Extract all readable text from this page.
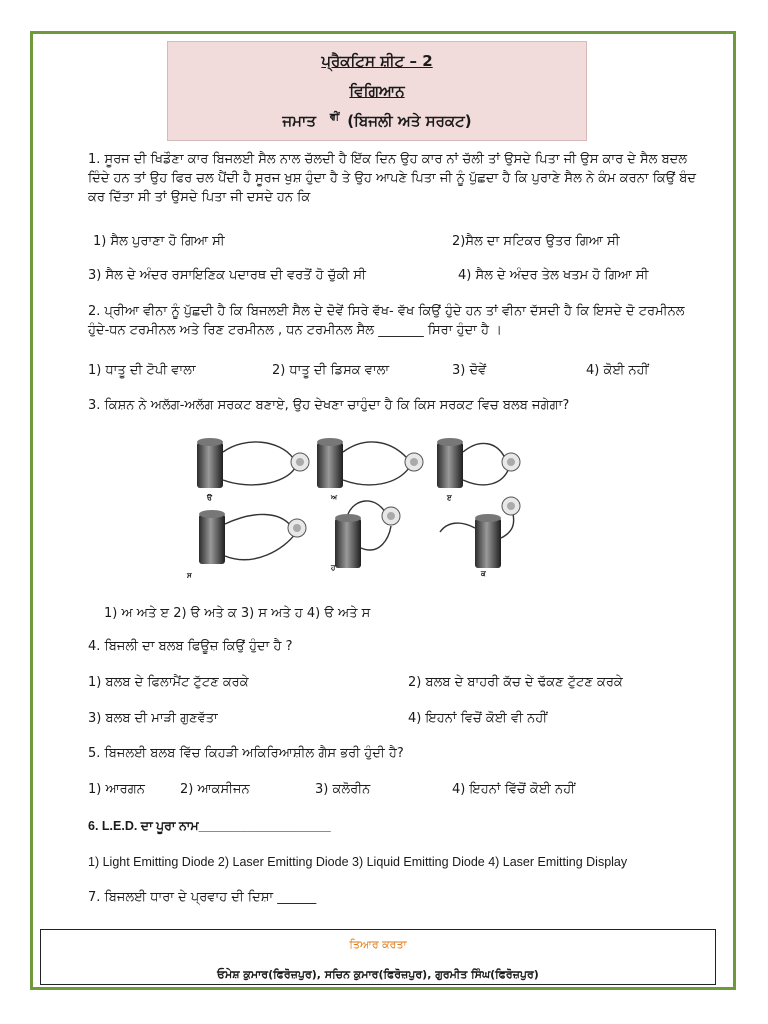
ਪ੍ਰੈਕਟਿਸ ਸ਼ੀਟ – 2
ਵਿਗਿਆਨ
ਜਮਾਤ $^{ਵੀਂ}$ (ਬਿਜਲੀ ਅਤੇ ਸਰਕਟ)
1. ਸੂਰਜ ਦੀ ਖਿਡੌਣਾ ਕਾਰ ਬਿਜਲਈ ਸੈਲ ਨਾਲ ਚੱਲਦੀ ਹੈ ਇੱਕ ਦਿਨ ਉਹ ਕਾਰ ਨਾਂ ਚੱਲੀ ਤਾਂ ਉਸਦੇ ਪਿਤਾ ਜੀ ਉਸ ਕਾਰ ਦੇ ਸੈਲ ਬਦਲ ਦਿੰਦੇ ਹਨ ਤਾਂ ਉਹ ਫਿਰ ਚਲ ਪੈਂਦੀ ਹੈ ਸੂਰਜ ਖੁਸ਼ ਹੁੰਦਾ ਹੈ ਤੇ ਉਹ ਆਪਣੇ ਪਿਤਾ ਜੀ ਨੂੰ ਪੁੱਛਦਾ ਹੈ ਕਿ ਪੁਰਾਣੇ ਸੈਲ ਨੇ ਕੰਮ ਕਰਨਾ ਕਿਉਂ ਬੰਦ ਕਰ ਦਿੱਤਾ ਸੀ ਤਾਂ ਉਸਦੇ ਪਿਤਾ ਜੀ ਦਸਦੇ ਹਨ ਕਿ
1) ਸੈਲ ਪੁਰਾਣਾ ਹੋ ਗਿਆ ਸੀ	2)ਸੈਲ ਦਾ ਸਟਿਕਰ ਉਤਰ ਗਿਆ ਸੀ
3) ਸੈਲ ਦੇ ਅੰਦਰ ਰਸਾਇਣਿਕ ਪਦਾਰਥ ਦੀ ਵਰਤੋਂ ਹੋ ਚੁੱਕੀ ਸੀ	4) ਸੈਲ ਦੇ ਅੰਦਰ ਤੇਲ ਖਤਮ ਹੋ ਗਿਆ ਸੀ
2. ਪ੍ਰੀਆ ਵੀਨਾ ਨੂੰ ਪੁੱਛਦੀ ਹੈ ਕਿ ਬਿਜਲਈ ਸੈਲ ਦੇ ਦੋਵੇਂ ਸਿਰੇ ਵੱਖ- ਵੱਖ ਕਿਉਂ ਹੁੰਦੇ ਹਨ ਤਾਂ ਵੀਨਾ ਦੱਸਦੀ ਹੈ ਕਿ ਇਸਦੇ ਦੋ ਟਰਮੀਨਲ ਹੁੰਦੇ-ਧਨ ਟਰਮੀਨਲ ਅਤੇ ਰਿਣ ਟਰਮੀਨਲ , ਧਨ ਟਰਮੀਨਲ ਸੈਲ _______ ਸਿਰਾ ਹੁੰਦਾ ਹੈ ।
1) ਧਾਤੂ ਦੀ ਟੋਪੀ ਵਾਲਾ	2) ਧਾਤੂ ਦੀ ਡਿਸਕ ਵਾਲਾ	3) ਦੋਵੇਂ	4) ਕੋਈ ਨਹੀਂ
3. ਕਿਸ਼ਨ ਨੇ ਅਲੱਗ-ਅਲੱਗ ਸਰਕਟ ਬਣਾਏ, ਉਹ ਦੇਖਣਾ ਚਾਹੁੰਦਾ ਹੈ ਕਿ ਕਿਸ ਸਰਕਟ ਵਿਚ ਬਲਬ ਜਗੇਗਾ?
ੳ	ਅ	ੲ
ਸ
ਹ
ਕ
1) ਅ ਅਤੇ ੲ 2) ੳ ਅਤੇ ਕ 3) ਸ ਅਤੇ ਹ 4) ੳ ਅਤੇ ਸ
4. ਬਿਜਲੀ ਦਾ ਬਲਬ ਫਿਊਜ਼ ਕਿਉਂ ਹੁੰਦਾ ਹੈ ?
1) ਬਲਬ ਦੇ ਫਿਲਾਮੈਂਟ ਟੁੱਟਣ ਕਰਕੇ	2) ਬਲਬ ਦੇ ਬਾਹਰੀ ਕੱਚ ਦੇ ਢੱਕਣ ਟੁੱਟਣ ਕਰਕੇ
3) ਬਲਬ ਦੀ ਮਾੜੀ ਗੁਣਵੱਤਾ	4) ਇਹਨਾਂ ਵਿਚੋਂ ਕੋਈ ਵੀ ਨਹੀਂ
5. ਬਿਜਲਈ ਬਲਬ ਵਿੱਚ ਕਿਹੜੀ ਅਕਿਰਿਆਸ਼ੀਲ ਗੈਸ ਭਰੀ ਹੁੰਦੀ ਹੈ?
1) ਆਰਗਨ	2) ਆਕਸੀਜਨ	3) ਕਲੋਰੀਨ	4) ਇਹਨਾਂ ਵਿੱਚੋਂ ਕੋਈ ਨਹੀਂ
6. L.E.D. ਦਾ ਪੂਰਾ ਨਾਮ___________________
1) Light Emitting Diode 2) Laser Emitting Diode 3) Liquid Emitting Diode 4) Laser Emitting Display
7. ਬਿਜਲਈ ਧਾਰਾ ਦੇ ਪ੍ਰਵਾਹ ਦੀ ਦਿਸ਼ਾ ______
ਤਿਆਰ ਕਰਤਾ
ਓਮੇਸ਼ ਕੁਮਾਰ(ਫਿਰੋਜ਼ਪੁਰ), ਸਚਿਨ ਕੁਮਾਰ(ਫਿਰੋਜ਼ਪੁਰ), ਗੁਰਮੀਤ ਸਿੰਘ(ਫਿਰੋਜ਼ਪੁਰ)
